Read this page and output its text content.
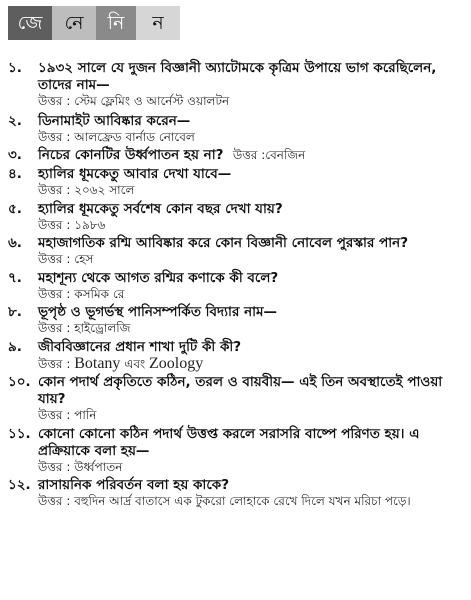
জে	নে	নি	ন
১. ১৯৩২ সালে যে দুজন বিজ্ঞানী অ্যাটোমকে কৃত্রিম উপায়ে ভাগ করেছিলেন, তাদের নাম—
উত্তর : স্টেম ফ্লেমিং ও আর্নেস্ট ওয়ালটন
২. ডিনামাইট আবিষ্কার করেন—
উত্তর : আলফ্রেড বার্নাড নোবেল
৩. নিচের কোনটির উর্ধ্বপাতন হয় না? উত্তর :বেনজিন
৪. হ্যালির ধূমকেতু আবার দেখা যাবে—
উত্তর : ২০৬২ সালে
৫. হ্যালির ধূমকেতু সর্বশেষ কোন বছর দেখা যায়?
উত্তর : ১৯৮৬
৬. মহাজাগতিক রশ্মি আবিষ্কার করে কোন বিজ্ঞানী নোবেল পুরস্কার পান?
উত্তর : হেস
৭. মহাশূন্য থেকে আগত রশ্মির কণাকে কী বলে?
উত্তর : কসমিক রে
৮. ভূপৃষ্ঠ ও ভূগর্ভস্থ পানিসম্পর্কিত বিদ্যার নাম—
উত্তর : হাইড্রোলজি
৯. জীববিজ্ঞানের প্রধান শাখা দুটি কী কী?
উত্তর : Botany এবং Zoology
১০. কোন পদার্থ প্রকৃতিতে কঠিন, তরল ও বায়বীয়— এই তিন অবস্থাতেই পাওয়া যায়?
উত্তর : পানি
১১. কোনো কোনো কঠিন পদার্থ উত্তপ্ত করলে সরাসরি বাষ্পে পরিণত হয়। এ প্রক্রিয়াকে বলা হয়—
উত্তর : উর্ধ্বপাতন
১২. রাসায়নিক পরিবর্তন বলা হয় কাকে?
উত্তর : বহুদিন আর্দ্র বাতাসে এক টুকরো লোহাকে রেখে দিলে যখন মরিচা পড়ে।
